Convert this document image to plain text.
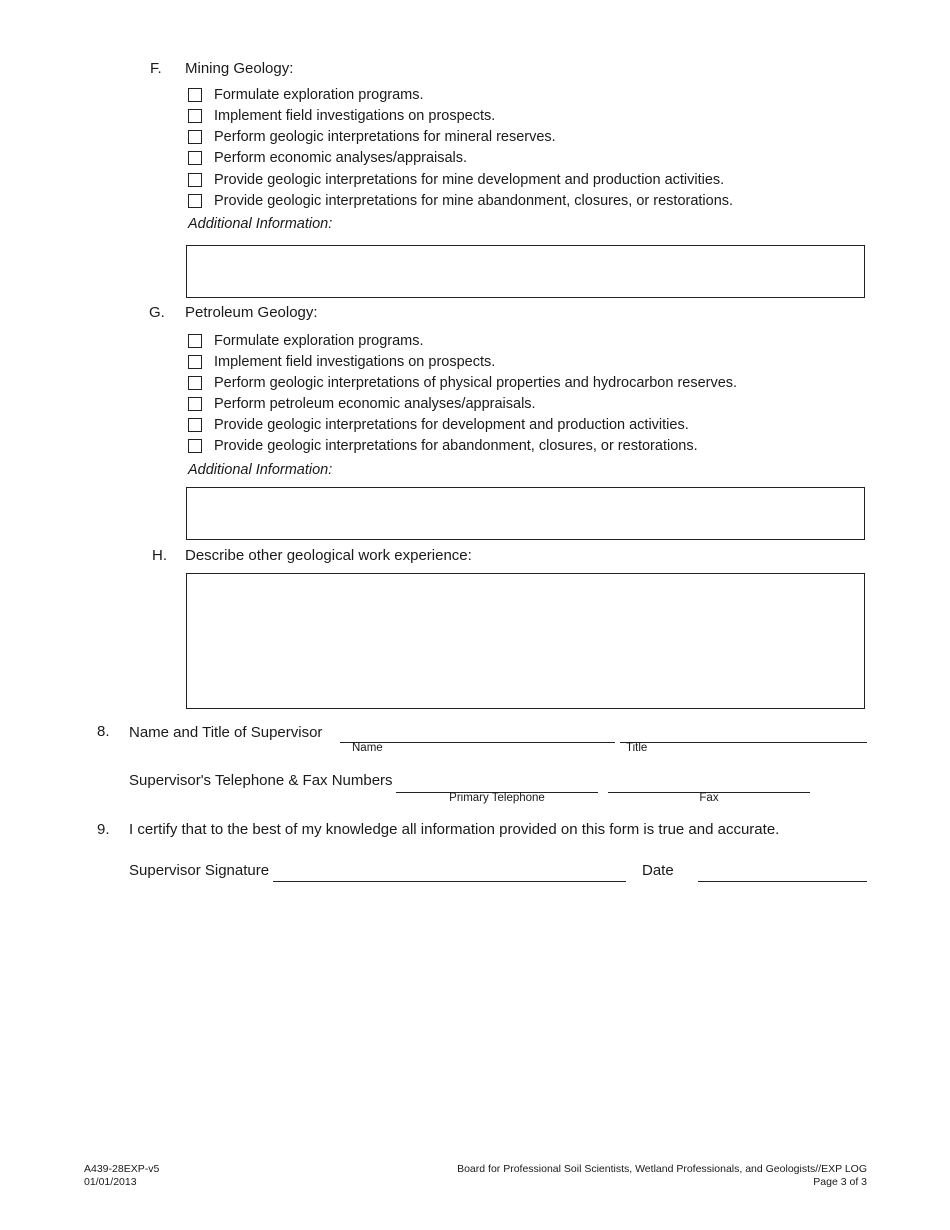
F. Mining Geology:
Formulate exploration programs.
Implement field investigations on prospects.
Perform geologic interpretations for mineral reserves.
Perform economic analyses/appraisals.
Provide geologic interpretations for mine development and production activities.
Provide geologic interpretations for mine abandonment, closures, or restorations.
Additional Information:
G. Petroleum Geology:
Formulate exploration programs.
Implement field investigations on prospects.
Perform geologic interpretations of physical properties and hydrocarbon reserves.
Perform petroleum economic analyses/appraisals.
Provide geologic interpretations for development and production activities.
Provide geologic interpretations for abandonment, closures, or restorations.
Additional Information:
H. Describe other geological work experience:
8. Name and Title of Supervisor
Name	Title
Supervisor's Telephone & Fax Numbers
Primary Telephone	Fax
9. I certify that to the best of my knowledge all information provided on this form is true and accurate.
Supervisor Signature	Date
A439-28EXP-v5
01/01/2013
Board for Professional Soil Scientists, Wetland Professionals, and Geologists//EXP LOG
Page 3 of 3
